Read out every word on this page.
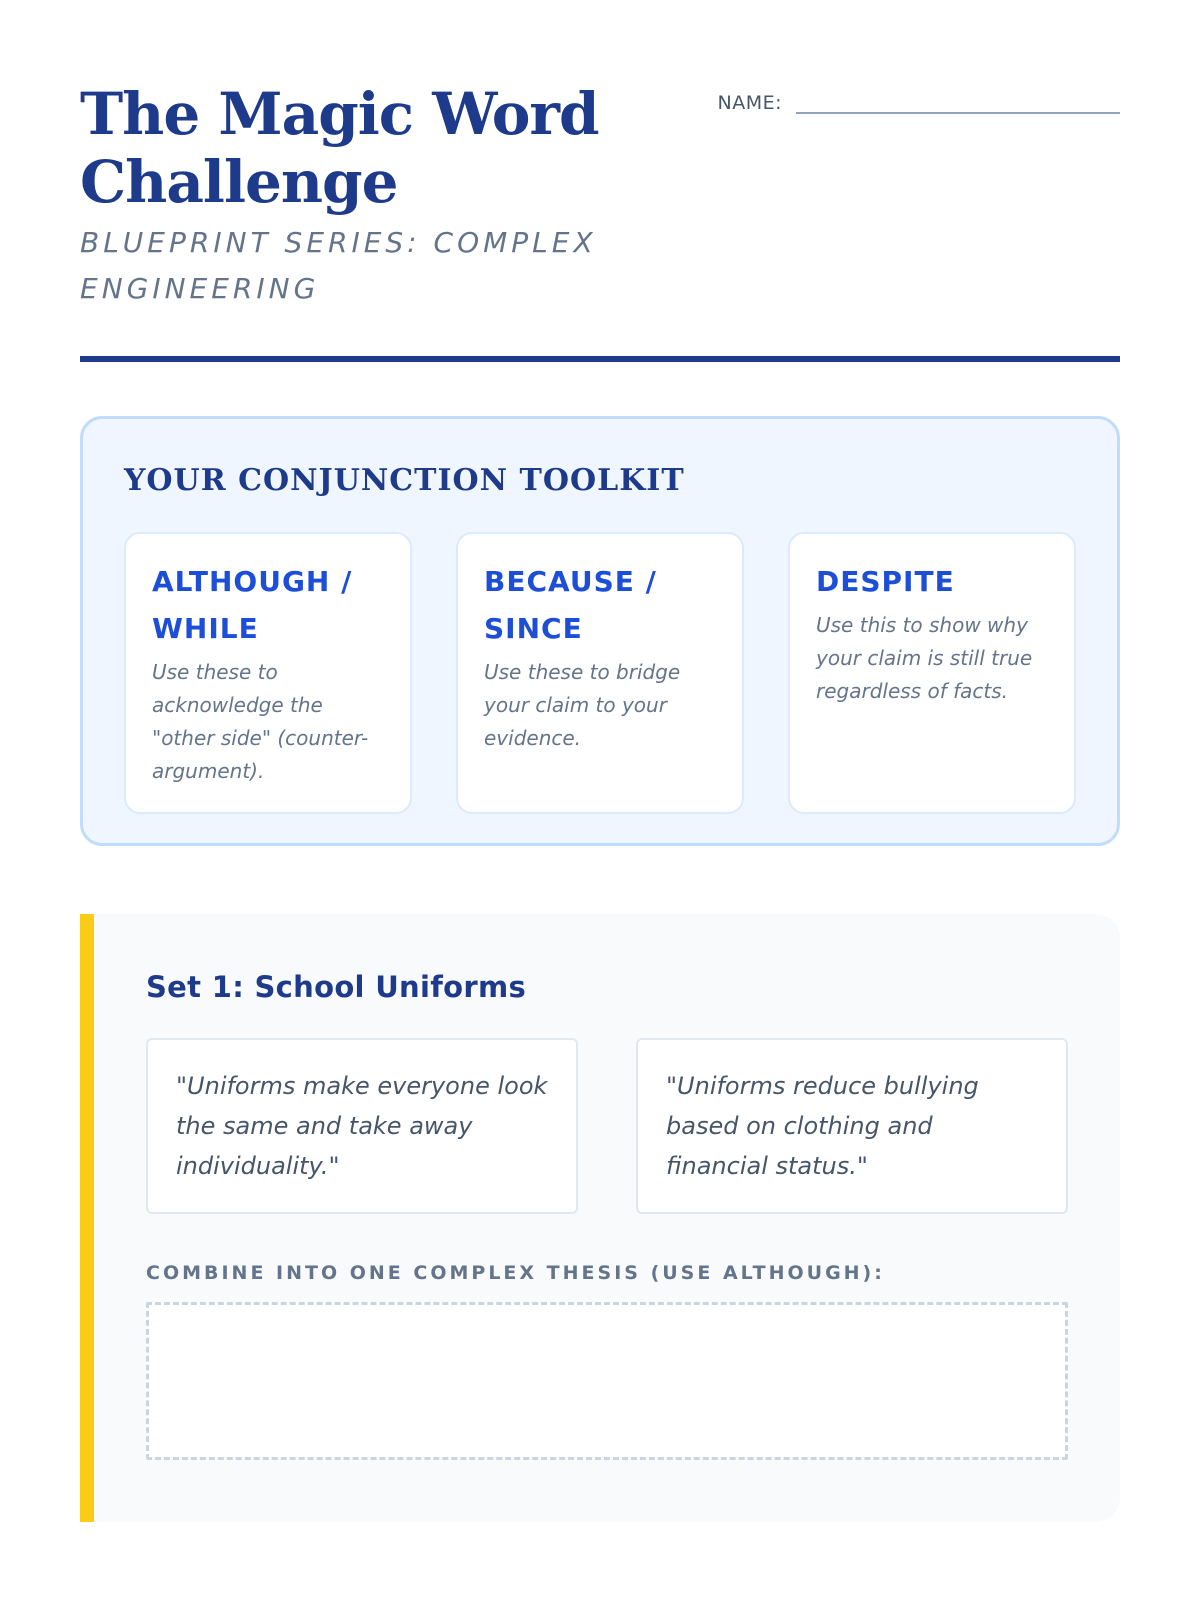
The Magic Word Challenge
BLUEPRINT SERIES: COMPLEX ENGINEERING
NAME:
YOUR CONJUNCTION TOOLKIT
ALTHOUGH / WHILE

Use these to acknowledge the "other side" (counter-argument).

BECAUSE / SINCE

Use these to bridge your claim to your evidence.

DESPITE

Use this to show why your claim is still true regardless of facts.

Set 1: School Uniforms
"Uniforms make everyone look the same and take away individuality."
"Uniforms reduce bullying based on clothing and financial status."
COMBINE INTO ONE COMPLEX THESIS (USE ALTHOUGH):
